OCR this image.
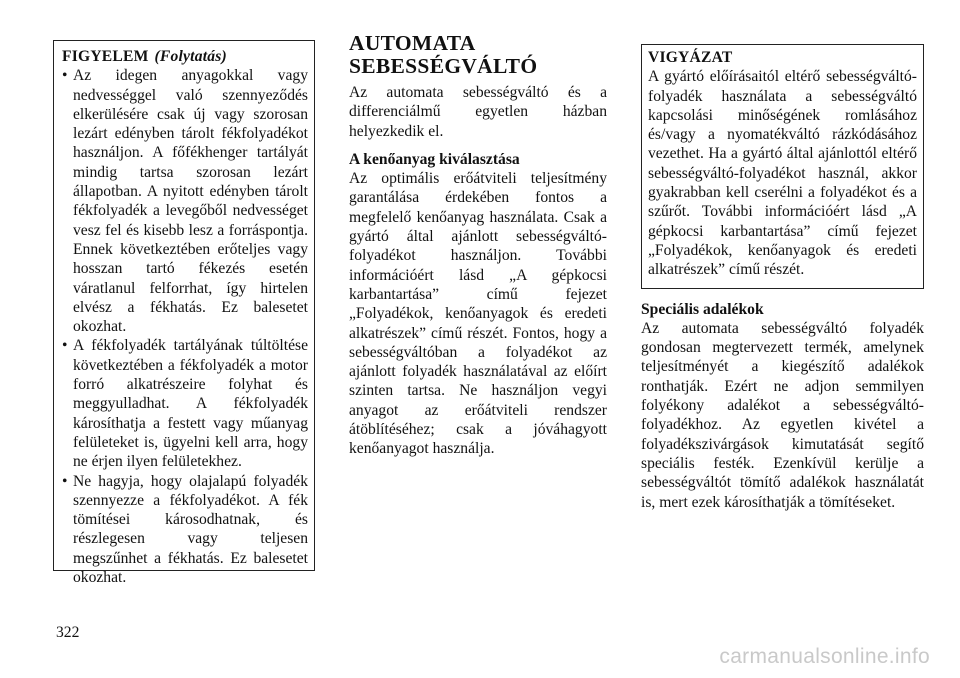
FIGYELEM (Folytatás)
• Az idegen anyagokkal vagy nedvességgel való szennyeződés elkerülésére csak új vagy szorosan lezárt edényben tárolt fékfolyadékot használjon. A főfékhenger tartályát mindig tartsa szorosan lezárt állapotban. A nyitott edényben tárolt fékfolyadék a levegőből nedvességet vesz fel és kisebb lesz a forráspontja. Ennek következtében erőteljes vagy hosszan tartó fékezés esetén váratlanul felforrhat, így hirtelen elvész a fékhatás. Ez balesetet okozhat.
• A fékfolyadék tartályának túltöltése következtében a fékfolyadék a motor forró alkatrészeire folyhat és meggyulladhat. A fékfolyadék károsíthatja a festett vagy műanyag felületeket is, ügyelni kell arra, hogy ne érjen ilyen felületekhez.
• Ne hagyja, hogy olajalapú folyadék szennyezze a fékfolyadékot. A fék tömítései károsodhatnak, és részlegesen vagy teljesen megszűnhet a fékhatás. Ez balesetet okozhat.
AUTOMATA
SEBESSÉGVÁLTÓ

Az automata sebességváltó és a differenciálmű egyetlen házban helyezkedik el.

A kenőanyag kiválasztása

Az optimális erőátviteli teljesítmény garantálása érdekében fontos a megfelelő kenőanyag használata. Csak a gyártó által ajánlott sebességváltó-folyadékot használjon. További információért lásd „A gépkocsi karbantartása” című fejezet „Folyadékok, kenőanyagok és eredeti alkatrészek” című részét. Fontos, hogy a sebességváltóban a folyadékot az ajánlott folyadék használatával az előírt szinten tartsa. Ne használjon vegyi anyagot az erőátviteli rendszer átöblítéséhez; csak a jóváhagyott kenőanyagot használja.

VIGYÁZAT

A gyártó előírásaitól eltérő sebességváltó-folyadék használata a sebességváltó kapcsolási minőségének romlásához és/vagy a nyomatékváltó rázkódásához vezethet. Ha a gyártó által ajánlottól eltérő sebességváltó-folyadékot használ, akkor gyakrabban kell cserélni a folyadékot és a szűrőt. További információért lásd „A gépkocsi karbantartása” című fejezet „Folyadékok, kenőanyagok és eredeti alkatrészek” című részét.

Speciális adalékok

Az automata sebességváltó folyadék gondosan megtervezett termék, amelynek teljesítményét a kiegészítő adalékok ronthatják. Ezért ne adjon semmilyen folyékony adalékot a sebességváltó-folyadékhoz. Az egyetlen kivétel a folyadékszivárgások kimutatását segítő speciális festék. Ezenkívül kerülje a sebességváltót tömítő adalékok használatát is, mert ezek károsíthatják a tömítéseket.

322
carmanualsonline.info
